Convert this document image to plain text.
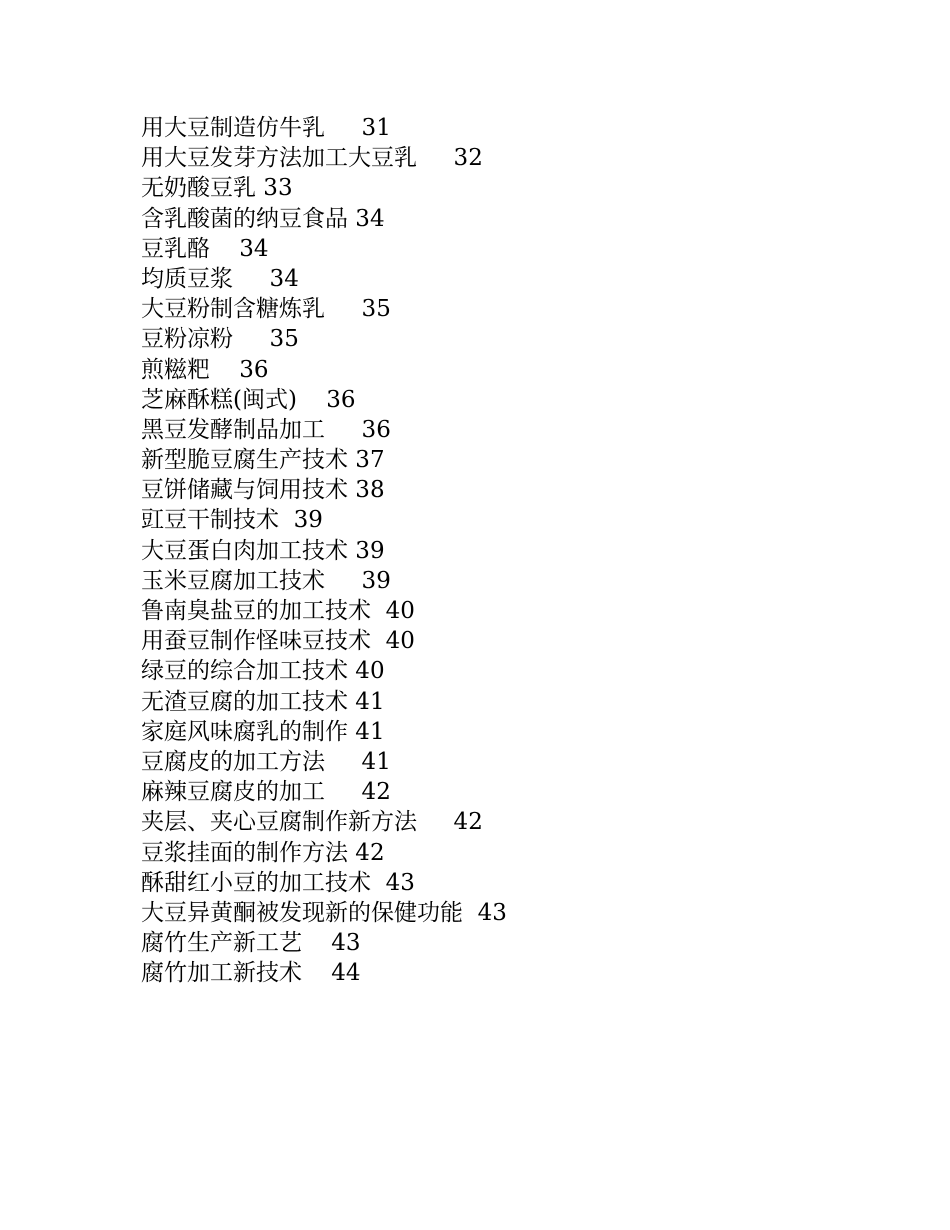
用大豆制造仿牛乳     31
用大豆发芽方法加工大豆乳     32
无奶酸豆乳 33
含乳酸菌的纳豆食品 34
豆乳酪    34
均质豆浆     34
大豆粉制含糖炼乳     35
豆粉凉粉     35
煎糍粑    36
芝麻酥糕(闽式)    36
黑豆发酵制品加工     36
新型脆豆腐生产技术 37
豆饼储藏与饲用技术 38
豇豆干制技术  39
大豆蛋白肉加工技术 39
玉米豆腐加工技术     39
鲁南臭盐豆的加工技术  40
用蚕豆制作怪味豆技术  40
绿豆的综合加工技术 40
无渣豆腐的加工技术 41
家庭风味腐乳的制作 41
豆腐皮的加工方法     41
麻辣豆腐皮的加工     42
夹层、夹心豆腐制作新方法     42
豆浆挂面的制作方法 42
酥甜红小豆的加工技术  43
大豆异黄酮被发现新的保健功能  43
腐竹生产新工艺    43
腐竹加工新技术    44
